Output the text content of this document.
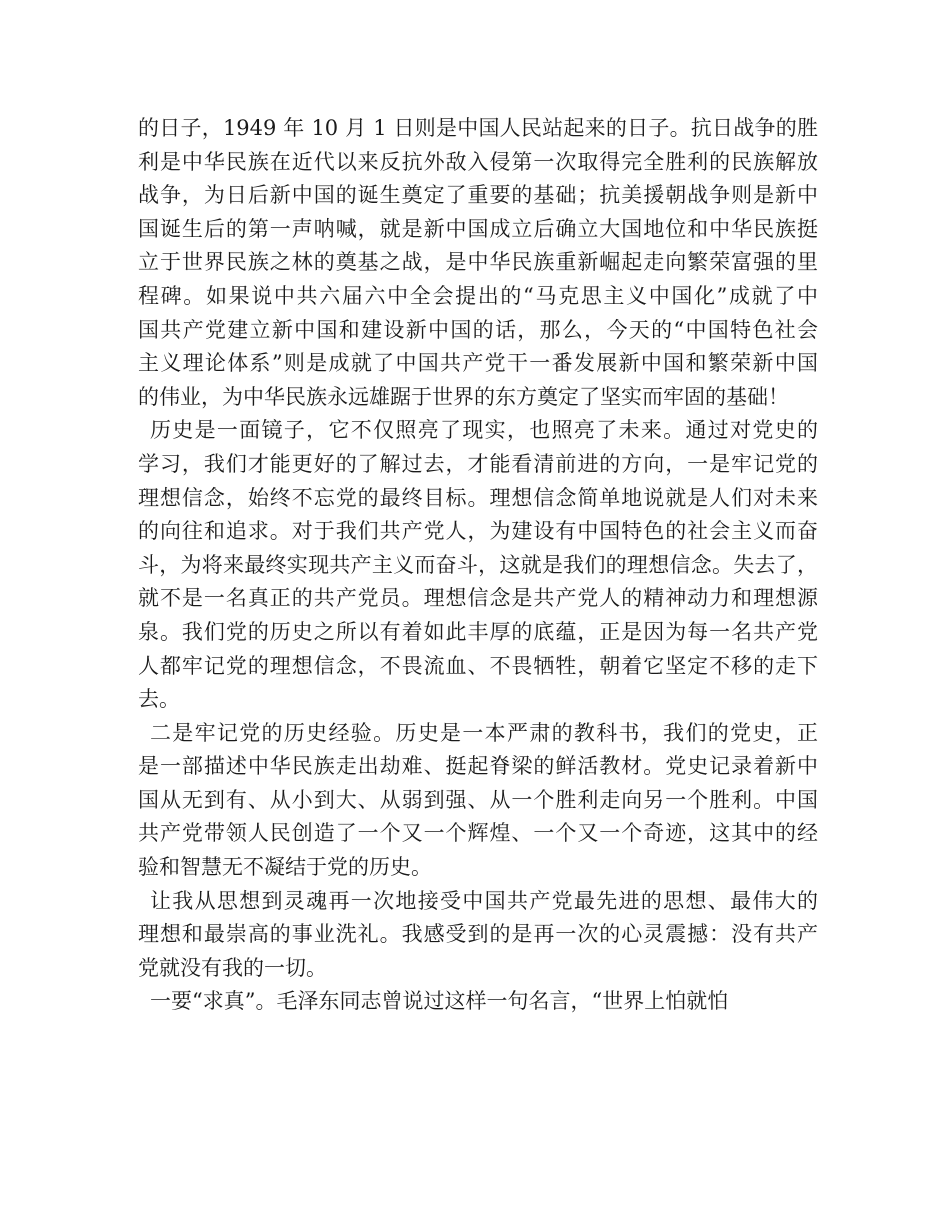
的日子，1949 年 10 月 1 日则是中国人民站起来的日子。抗日战争的胜
利是中华民族在近代以来反抗外敌入侵第一次取得完全胜利的民族解放
战争，为日后新中国的诞生奠定了重要的基础；抗美援朝战争则是新中
国诞生后的第一声呐喊，就是新中国成立后确立大国地位和中华民族挺
立于世界民族之林的奠基之战，是中华民族重新崛起走向繁荣富强的里
程碑。如果说中共六届六中全会提出的“马克思主义中国化”成就了中
国共产党建立新中国和建设新中国的话，那么，今天的“中国特色社会
主义理论体系”则是成就了中国共产党干一番发展新中国和繁荣新中国
的伟业，为中华民族永远雄踞于世界的东方奠定了坚实而牢固的基础！
历史是一面镜子，它不仅照亮了现实，也照亮了未来。通过对党史的
学习，我们才能更好的了解过去，才能看清前进的方向，一是牢记党的
理想信念，始终不忘党的最终目标。理想信念简单地说就是人们对未来
的向往和追求。对于我们共产党人，为建设有中国特色的社会主义而奋
斗，为将来最终实现共产主义而奋斗，这就是我们的理想信念。失去了，
就不是一名真正的共产党员。理想信念是共产党人的精神动力和理想源
泉。我们党的历史之所以有着如此丰厚的底蕴，正是因为每一名共产党
人都牢记党的理想信念，不畏流血、不畏牺牲，朝着它坚定不移的走下
去。
二是牢记党的历史经验。历史是一本严肃的教科书，我们的党史，正
是一部描述中华民族走出劫难、挺起脊梁的鲜活教材。党史记录着新中
国从无到有、从小到大、从弱到强、从一个胜利走向另一个胜利。中国
共产党带领人民创造了一个又一个辉煌、一个又一个奇迹，这其中的经
验和智慧无不凝结于党的历史。
让我从思想到灵魂再一次地接受中国共产党最先进的思想、最伟大的
理想和最崇高的事业洗礼。我感受到的是再一次的心灵震撼：没有共产
党就没有我的一切。
一要“求真”。毛泽东同志曾说过这样一句名言，“世界上怕就怕
